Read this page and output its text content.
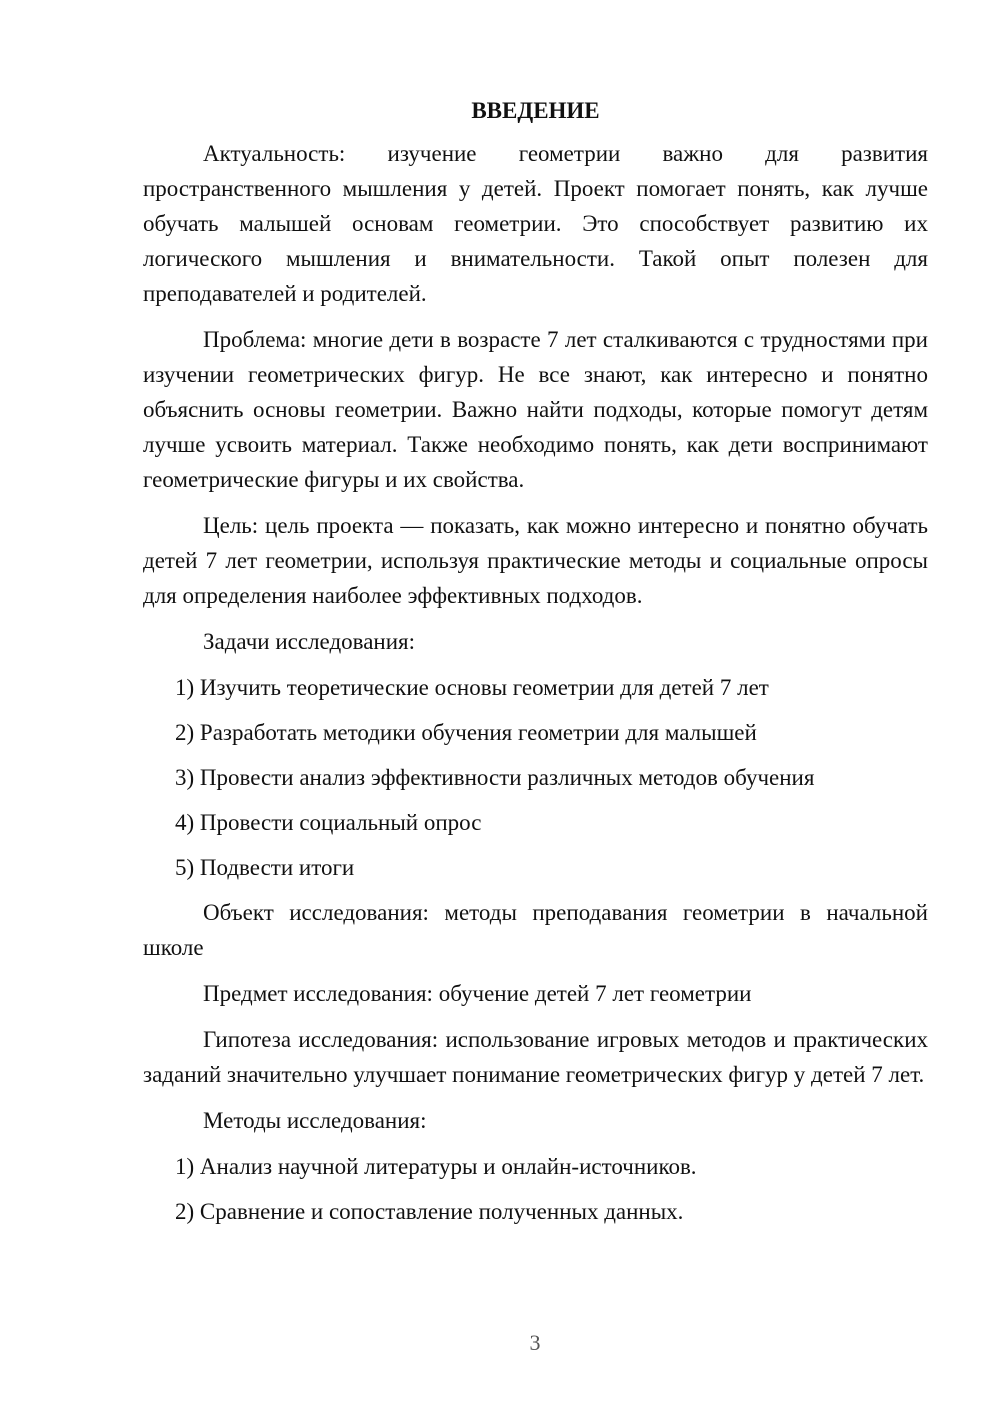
ВВЕДЕНИЕ

Актуальность: изучение геометрии важно для развития пространственного мышления у детей. Проект помогает понять, как лучше обучать малышей основам геометрии. Это способствует развитию их логического мышления и внимательности. Такой опыт полезен для преподавателей и родителей.

Проблема: многие дети в возрасте 7 лет сталкиваются с трудностями при изучении геометрических фигур. Не все знают, как интересно и понятно объяснить основы геометрии. Важно найти подходы, которые помогут детям лучше усвоить материал. Также необходимо понять, как дети воспринимают геометрические фигуры и их свойства.

Цель: цель проекта — показать, как можно интересно и понятно обучать детей 7 лет геометрии, используя практические методы и социальные опросы для определения наиболее эффективных подходов.

Задачи исследования:

1) Изучить теоретические основы геометрии для детей 7 лет

2) Разработать методики обучения геометрии для малышей

3) Провести анализ эффективности различных методов обучения

4) Провести социальный опрос

5) Подвести итоги

Объект исследования: методы преподавания геометрии в начальной школе

Предмет исследования: обучение детей 7 лет геометрии

Гипотеза исследования: использование игровых методов и практических заданий значительно улучшает понимание геометрических фигур у детей 7 лет.

Методы исследования:

1) Анализ научной литературы и онлайн-источников.

2) Сравнение и сопоставление полученных данных.

3
